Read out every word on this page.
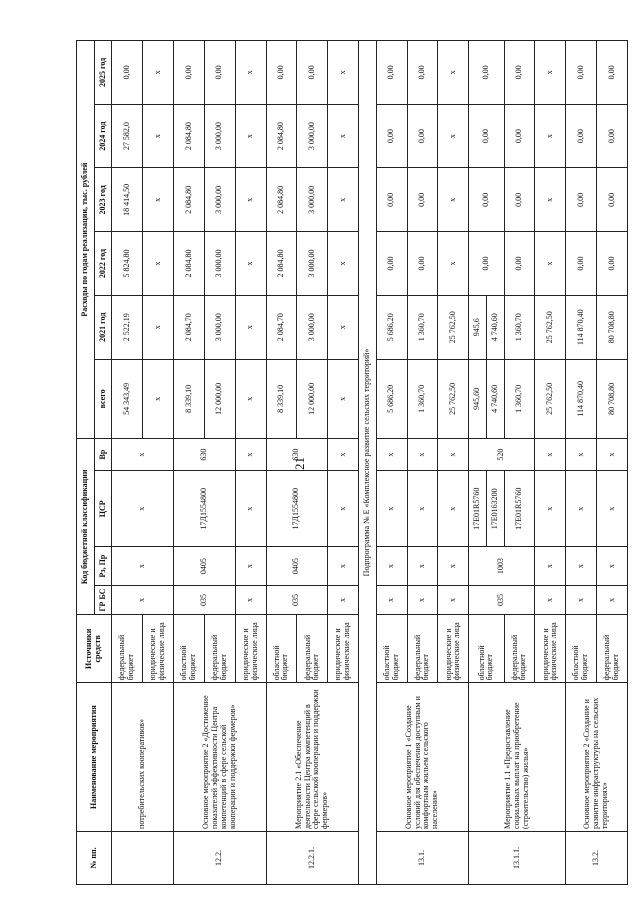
21
№ пп.	Наименование мероприятия	Источники средств	Код бюджетной классификации				Расходы по годам реализации, тыс. рублей					
			ГР БС	Рз, Пр	ЦСР	Вр	всего	2021 год	2022 год	2023 год	2024 год	2025 год
	потребительских кооперативов»	федеральный бюджет	х	х	х	х	54 343,49	2 522,19	5 824,80	18 414,50	27 582,0	0,00
		юридические и физические лица					х	х	х	х	х	х
12.2.	Основное мероприятие 2 «Достижение показателей эффективности Центра компетенций в сфере сельской кооперации и поддержки фермеров»	областной бюджет	035	0405	17Д1554800	630	8 339,10	2 084,70	2 084,80	2 084,80	2 084,80	0,00
		федеральный бюджет					12 000,00	3 000,00	3 000,00	3 000,00	3 000,00	0,00
		юридические и физические лица	х	х	х	х	х	х	х	х	х	х
12.2.1.	Мероприятие 2.1 «Обеспечение деятельности Центра компетенций в сфере сельской кооперации и поддержки фермеров»	областной бюджет	035	0405	17Д1554800	630	8 339,10	2 084,70	2 084,80	2 084,80	2 084,80	0,00
		федеральный бюджет					12 000,00	3 000,00	3 000,00	3 000,00	3 000,00	0,00
		юридические и физические лица	х	х	х	х	х	х	х	х	х	х
Подпрограмма № Е «Комплексное развитие сельских территорий»												
13.1.	Основное мероприятие 1 «Создание условий для обеспечения доступным и комфортным жильем сельского населения»	областной бюджет	х	х	х	х	5 686,20	5 686,20	0,00	0,00	0,00	0,00
		федеральный бюджет	х	х	х	х	1 360,70	1 360,70	0,00	0,00	0,00	0,00
		юридические и физические лица	х	х	х	х	25 762,50	25 762,50	х	х	х	х
13.1.1.	Мероприятие 1.1 «Предоставление социальных выплат на приобретение (строительство) жилья»	областной бюджет	035	1003	17Е01R5760	520	945,60	945,6	0,00	0,00	0,00	0,00
					17Е0163200		4 740,60	4 740,60				
		федеральный бюджет			17Е01R5760		1 360,70	1 360,70	0,00	0,00	0,00	0,00
		юридические и физические лица	х	х	х	х	25 762,50	25 762,50	х	х	х	х
13.2.	Основное мероприятие 2 «Создание и развитие инфраструктуры на сельских территориях»	областной бюджет	х	х	х	х	114 870,40	114 870,40	0,00	0,00	0,00	0,00
		федеральный бюджет	х	х	х	х	80 708,80	80 708,80	0,00	0,00	0,00	0,00
